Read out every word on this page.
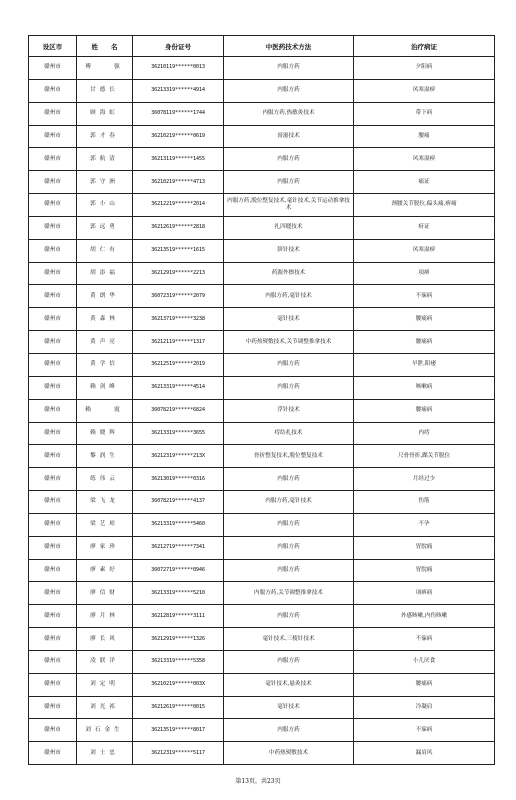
设区市	姓　　名	身份证号	中医药技术方法	治疗病证
赣州市	傅　　强	36210119******0013	内服方药	夕阳病
赣州市	甘德长	36213319******4914	内服方药	风寒湿痹
赣州市	顾海虹	36078119******1744	内服方药,热敏灸技术	带下病
赣州市	郭才春	36210219******0619	膏滋技术	腰痛
赣州市	郭航清	36213119******1455	内服方药	风寒湿痹
赣州市	郭守洲	36210219******4713	内服方药	痛证
赣州市	郭小山	36212219******2014	内服方药,脱位整复技术,毫针技术,关节运动推拿技术	颈腰关节脱位,偏头痛,痹痛
赣州市	郭远勇	36212619******2818	扎四缝技术	疳证
赣州市	胡仁有	36213519******1615	脐针技术	风寒湿痹
赣州市	胡添福	36212919******2213	药源外擦技术	项痹
赣州市	黄朗华	36072319******2079	内服方药,毫针技术	不寐病
赣州市	黄森林	36213719******3238	毫针技术	腰痛病
赣州市	黄声亮	36212119******1317	中药热熨敷技术,关节调整推拿技术	腰痛病
赣州市	黄学信	36212519******2019	内服方药	早泄,阳痿
赣州市	赖剑峰	36213319******4514	内服方药	咳嗽病
赣州市	赖　　霞	36078219******6824	浮针技术	腰痛病
赣州市	赖晓辉	36213319******3655	痔结扎技术	内痔
赣州市	黎润生	36212319******213X	骨折整复技术,脱位整复技术	尺骨骨折,踝关节脱位
赣州市	练伟云	36213019******0316	内服方药	月经过少
赣州市	梁飞龙	36078219******4137	内服方药,毫针技术	伤筋
赣州市	梁艺琼	36213319******5460	内服方药	不孕
赣州市	廖家珍	36212719******7341	内服方药	胃脘痛
赣州市	廖素好	36072719******0946	内服方药	胃脘痛
赣州市	廖信财	36213319******5210	内服方药,关节调整推拿技术	项痹病
赣州市	廖月林	36212819******3111	内服方药	外感咳嗽,内伤咳嗽
赣州市	廖长风	36212919******1326	毫针技术,三棱针技术	不寐病
赣州市	凌联洋	36213319******5358	内服方药	小儿厌食
赣州市	刘定明	36210219******003X	毫针技术,悬灸技术	腰痛病
赣州市	刘光祁	36212619******0015	毫针技术	冷凝肩
赣州市	刘石金生	36213519******8017	内服方药	不寐病
赣州市	刘士忠	36212319******5117	中药热熨敷技术	漏肩风
第13页，共23页
